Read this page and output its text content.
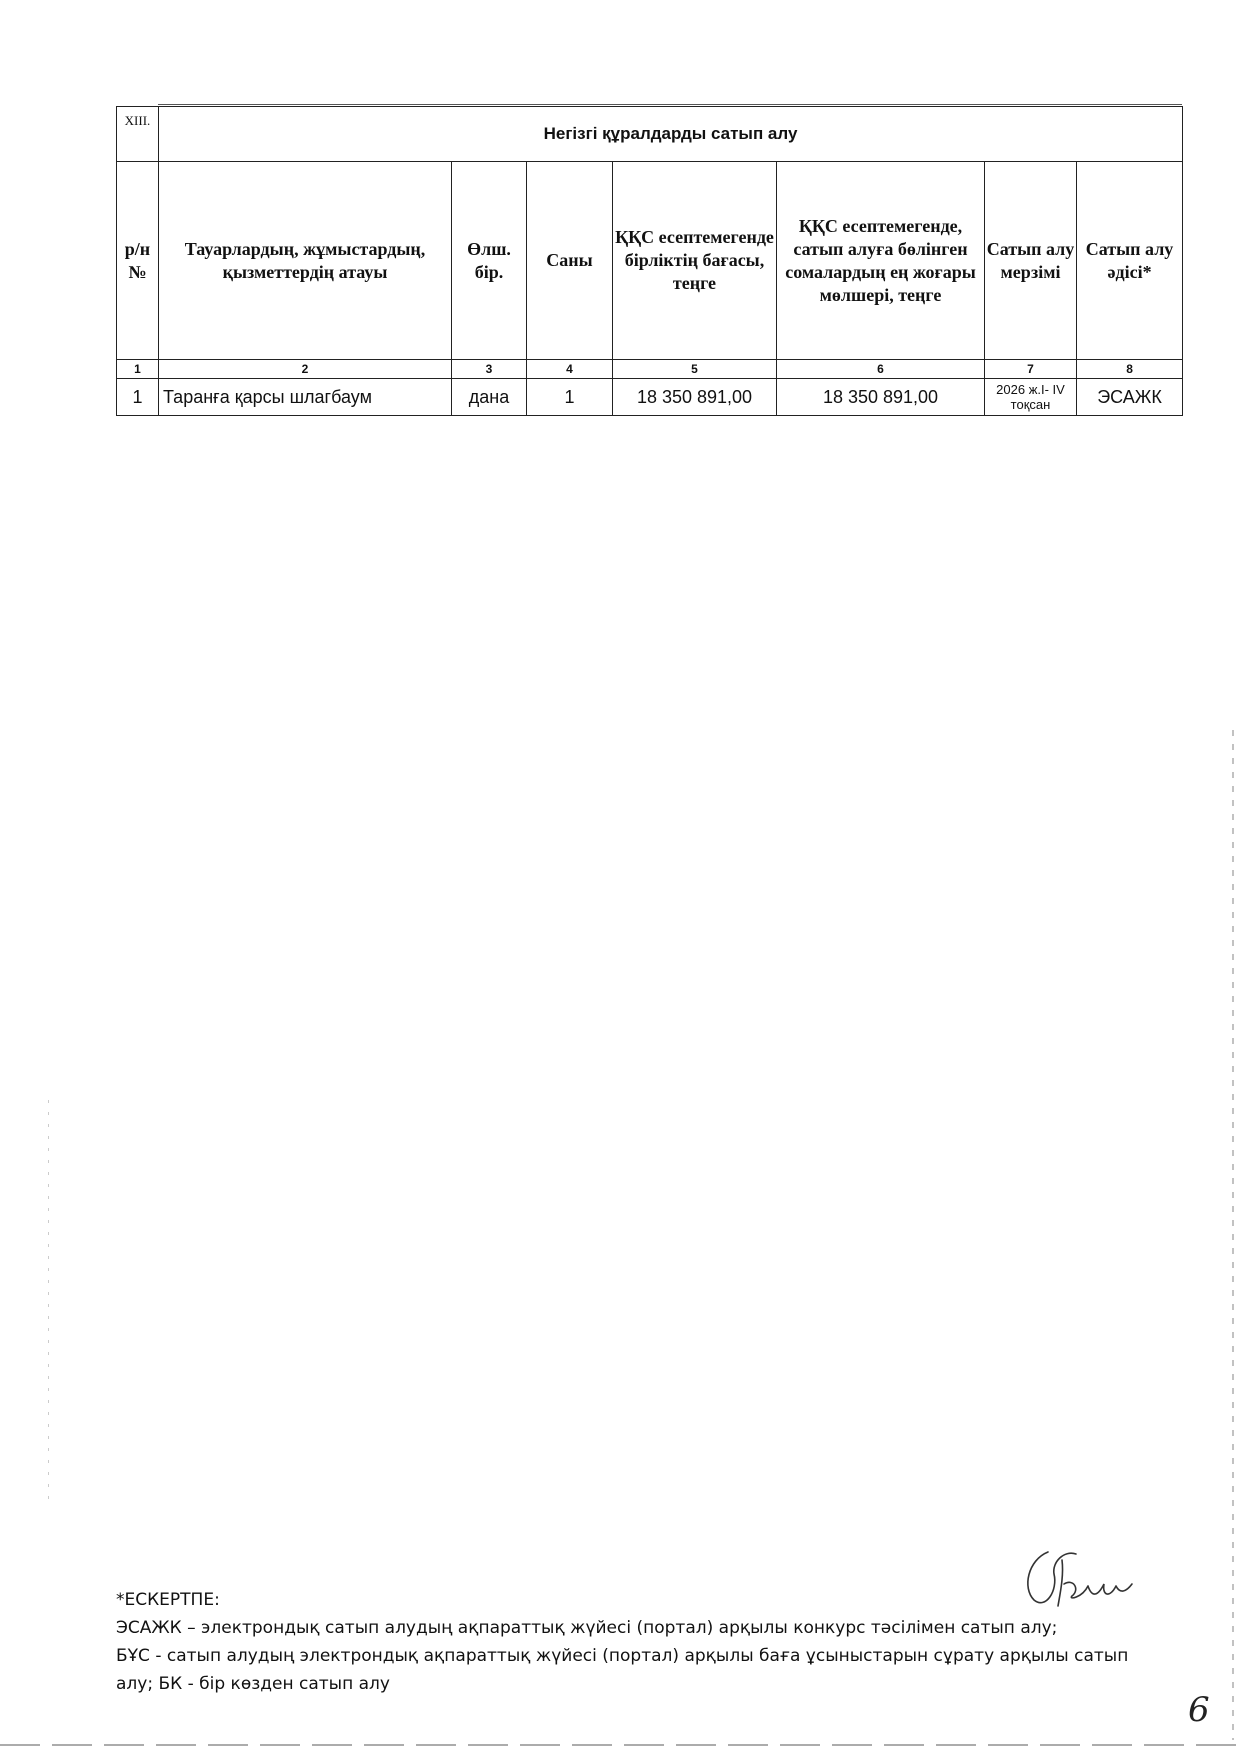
XIII.	Негізгі құралдарды сатып алу						
р/н №	Тауарлардың, жұмыстардың, қызметтердің атауы	Өлш. бір.	Саны	ҚҚС есептемегенде бірліктің бағасы, теңге	ҚҚС есептемегенде, сатып алуға бөлінген сомалардың ең жоғары мөлшері, теңге	Сатып алу мерзімі	Сатып алу әдісі*
1	2	3	4	5	6	7	8
1	Таранға қарсы шлагбаум	дана	1	18 350 891,00	18 350 891,00	2026 ж.І- IV тоқсан	ЭСАЖК

*ЕСКЕРТПЕ:

ЭСАЖК – электрондық сатып алудың ақпараттық жүйесі (портал) арқылы конкурс тәсілімен сатып алу;

БҰС - сатып алудың электрондық ақпараттық жүйесі (портал) арқылы баға ұсыныстарын сұрату арқылы сатып алу; БК - бір көзден сатып алу

6
